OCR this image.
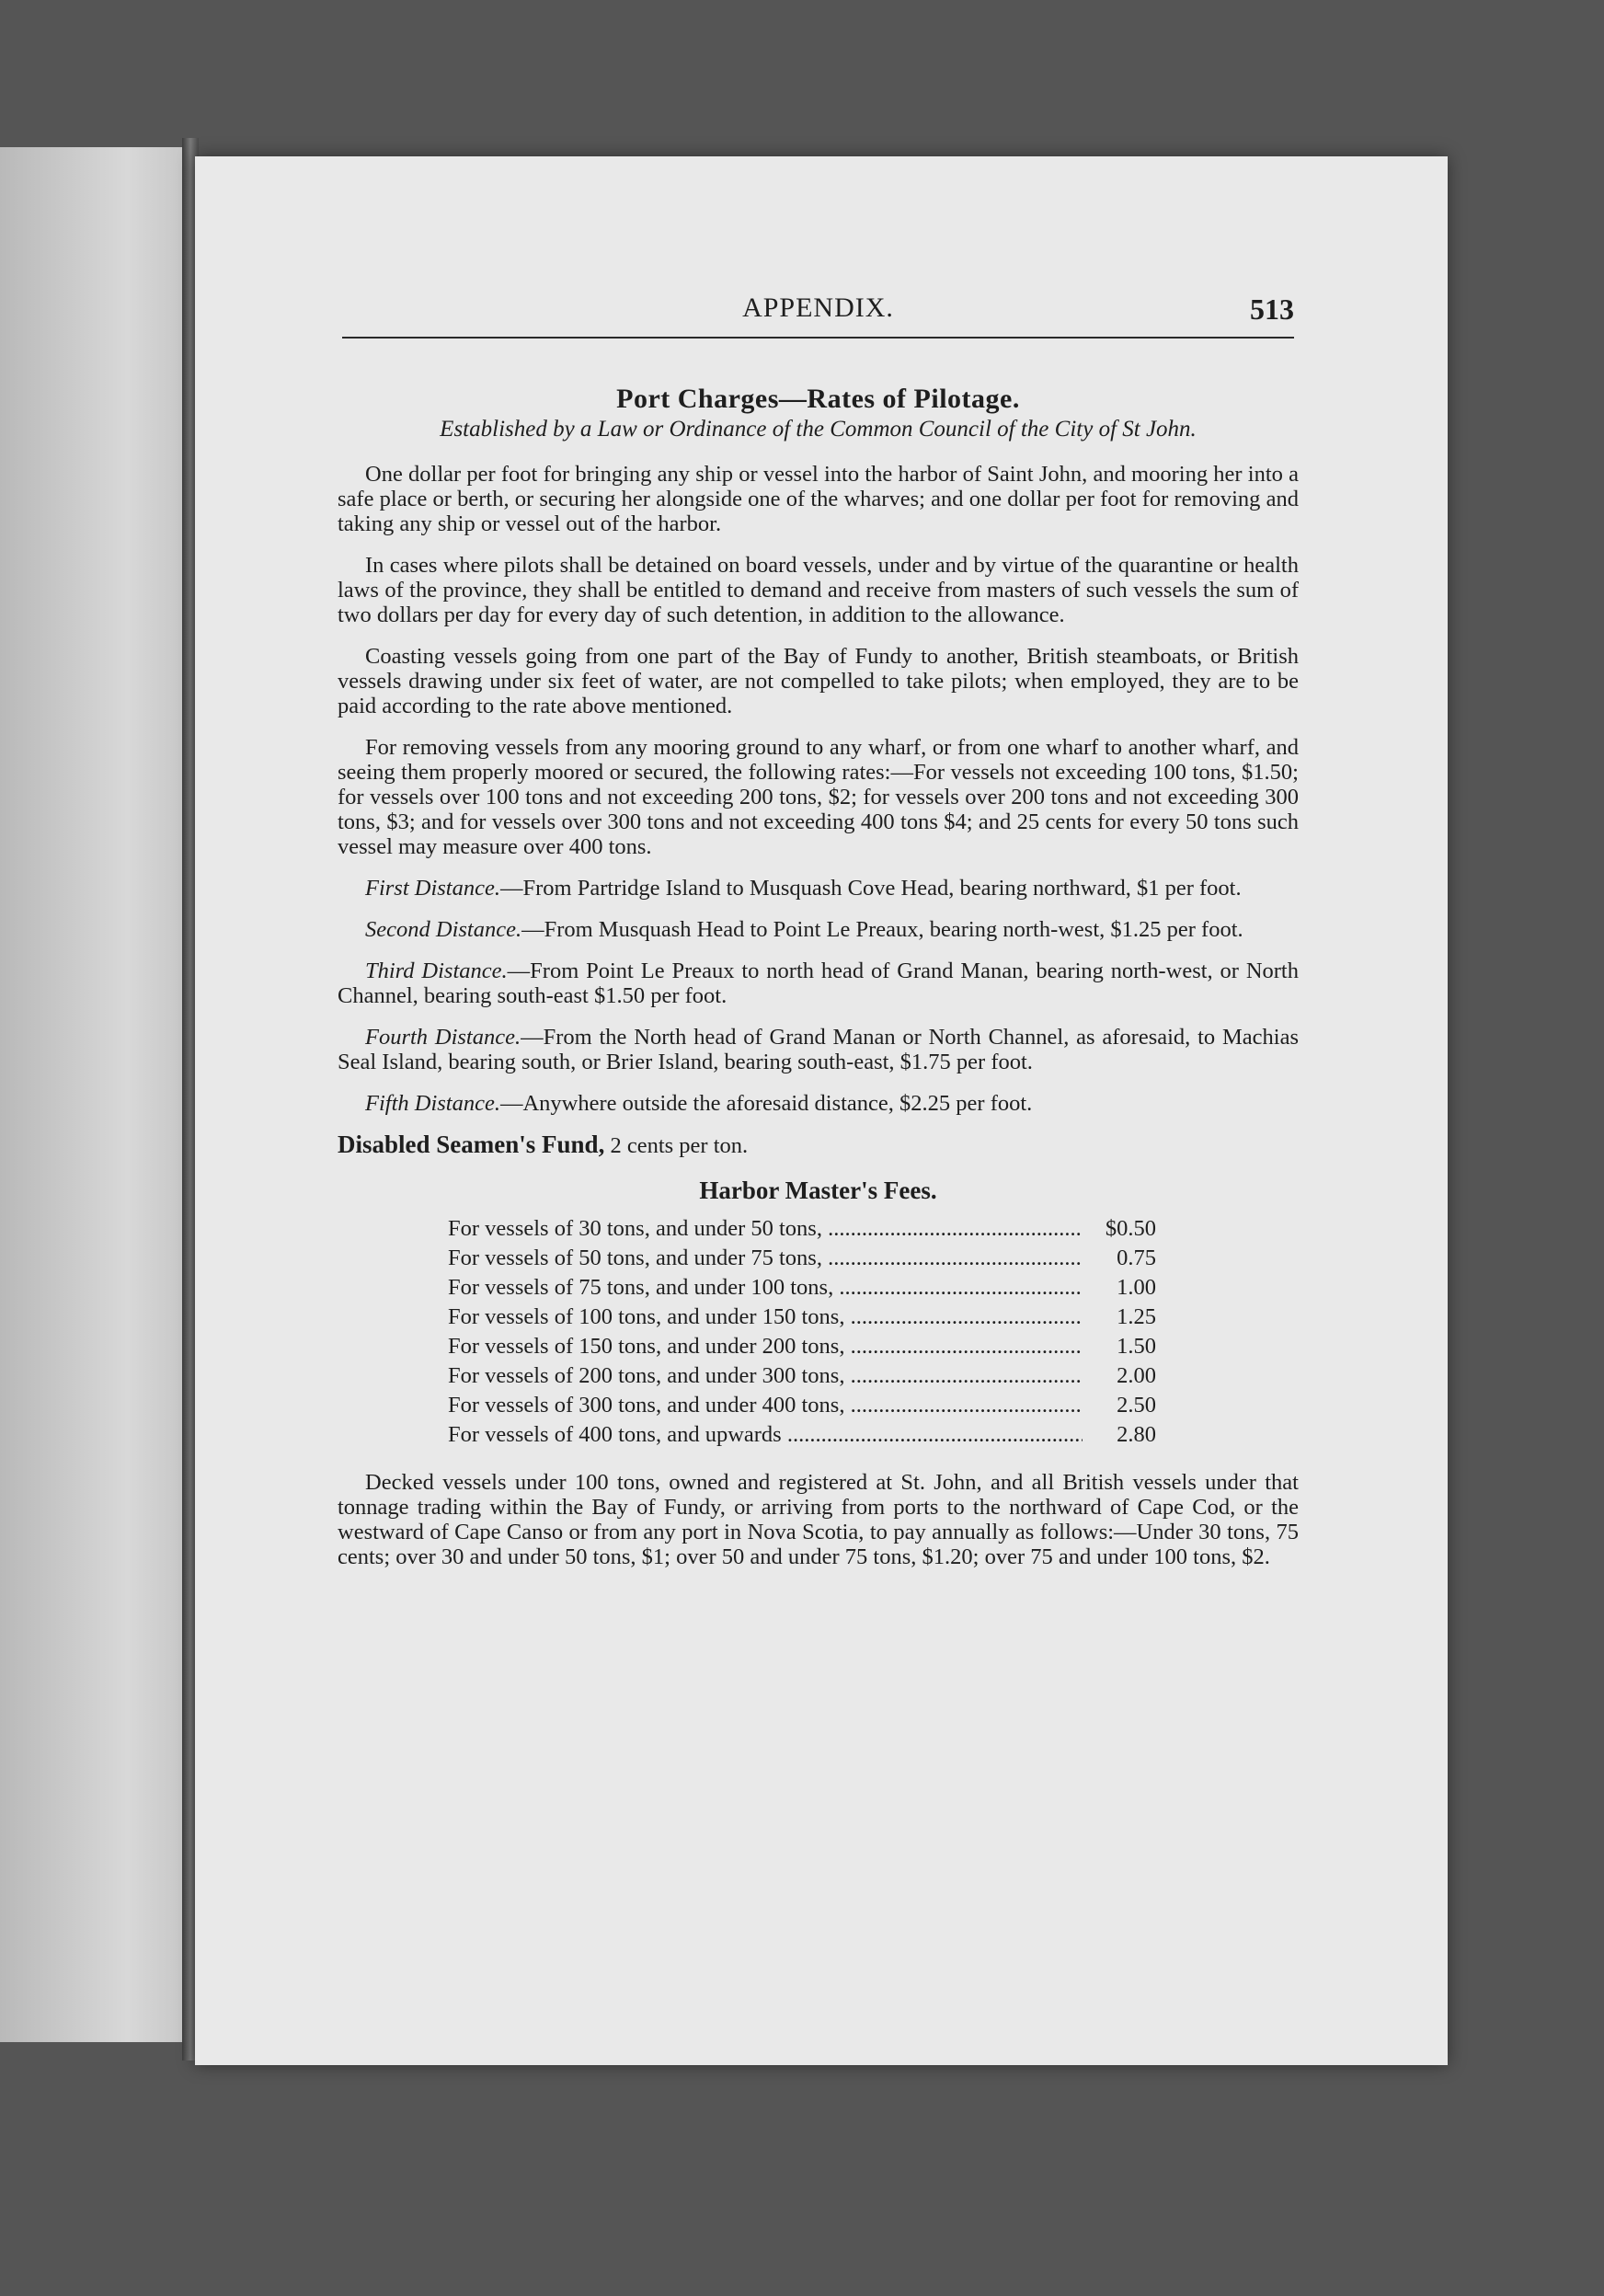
APPENDIX.	513
Port Charges—Rates of Pilotage.
Established by a Law or Ordinance of the Common Council of the City of St John.

One dollar per foot for bringing any ship or vessel into the harbor of Saint John, and mooring her into a safe place or berth, or securing her alongside one of the wharves; and one dollar per foot for removing and taking any ship or vessel out of the harbor.

In cases where pilots shall be detained on board vessels, under and by virtue of the quarantine or health laws of the province, they shall be entitled to demand and receive from masters of such vessels the sum of two dollars per day for every day of such detention, in addition to the allowance.

Coasting vessels going from one part of the Bay of Fundy to another, British steamboats, or British vessels drawing under six feet of water, are not compelled to take pilots; when employed, they are to be paid according to the rate above mentioned.

For removing vessels from any mooring ground to any wharf, or from one wharf to another wharf, and seeing them properly moored or secured, the following rates:—For vessels not exceeding 100 tons, $1.50; for vessels over 100 tons and not exceeding 200 tons, $2; for vessels over 200 tons and not exceeding 300 tons, $3; and for vessels over 300 tons and not exceeding 400 tons $4; and 25 cents for every 50 tons such vessel may measure over 400 tons.

First Distance.—From Partridge Island to Musquash Cove Head, bearing northward, $1 per foot.

Second Distance.—From Musquash Head to Point Le Preaux, bearing north-west, $1.25 per foot.

Third Distance.—From Point Le Preaux to north head of Grand Manan, bearing north-west, or North Channel, bearing south-east $1.50 per foot.

Fourth Distance.—From the North head of Grand Manan or North Channel, as aforesaid, to Machias Seal Island, bearing south, or Brier Island, bearing south-east, $1.75 per foot.

Fifth Distance.—Anywhere outside the aforesaid distance, $2.25 per foot.

Disabled Seamen's Fund, 2 cents per ton.
Harbor Master's Fees.
For vessels of 30 tons, and under 50 tons, .....	$0.50
For vessels of 50 tons, and under 75 tons, .....	0.75
For vessels of 75 tons, and under 100 tons, .....	1.00
For vessels of 100 tons, and under 150 tons, .....	1.25
For vessels of 150 tons, and under 200 tons, .....	1.50
For vessels of 200 tons, and under 300 tons, .....	2.00
For vessels of 300 tons, and under 400 tons, .....	2.50
For vessels of 400 tons, and upwards .....	2.80

Decked vessels under 100 tons, owned and registered at St. John, and all British vessels under that tonnage trading within the Bay of Fundy, or arriving from ports to the northward of Cape Cod, or the westward of Cape Canso or from any port in Nova Scotia, to pay annually as follows:—Under 30 tons, 75 cents; over 30 and under 50 tons, $1; over 50 and under 75 tons, $1.20; over 75 and under 100 tons, $2.
